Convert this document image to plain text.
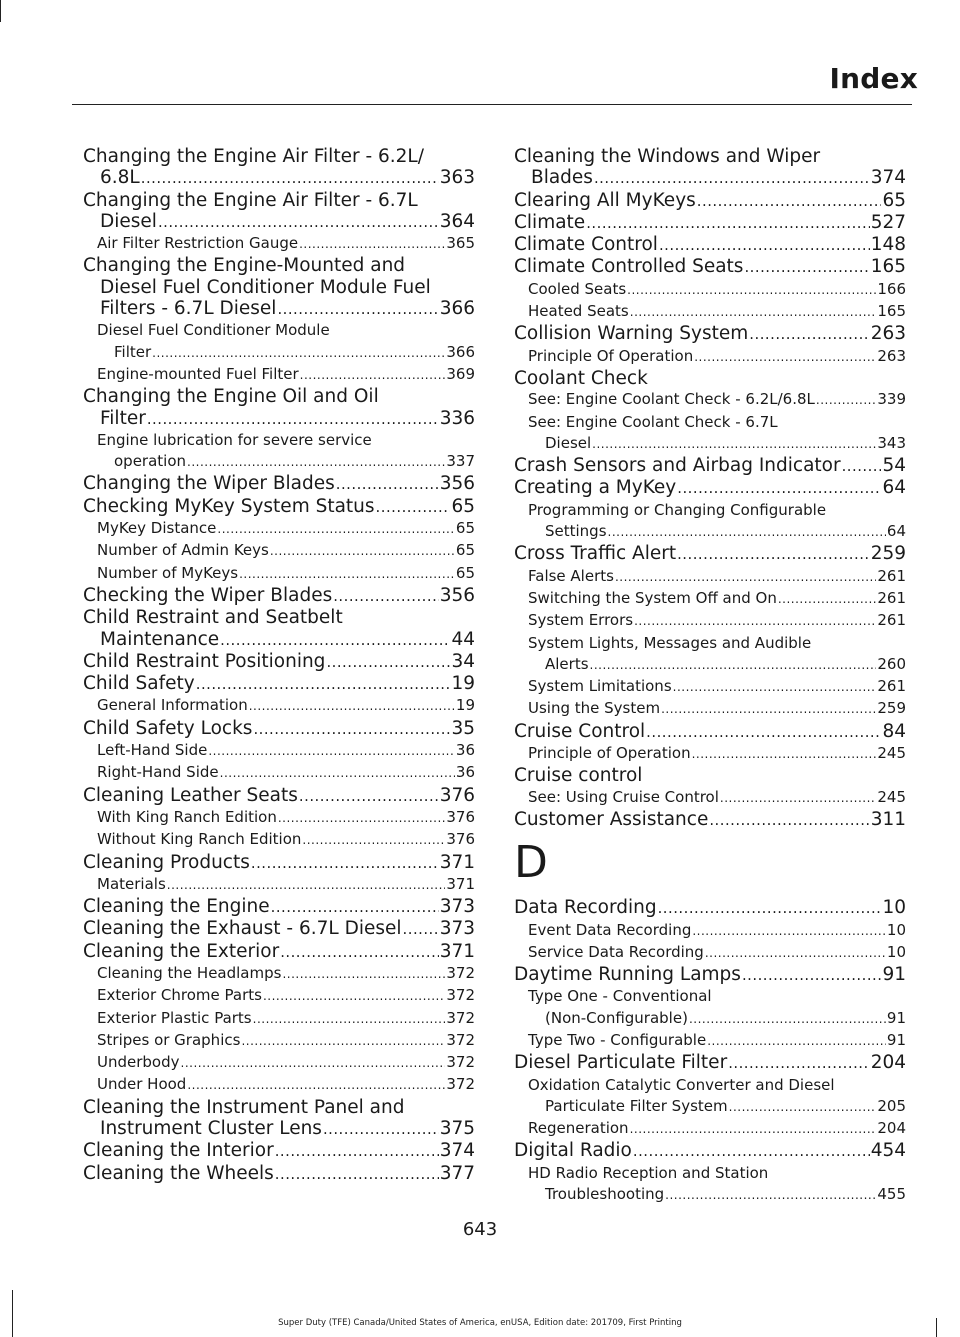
Index
Changing the Engine Air Filter - 6.2L/
6.8L .....	363
Changing the Engine Air Filter - 6.7L
Diesel .....	364
Air Filter Restriction Gauge .....	365
Changing the Engine-Mounted and
Diesel Fuel Conditioner Module Fuel
Filters - 6.7L Diesel .....	366
Diesel Fuel Conditioner Module
Filter .....	366
Engine-mounted Fuel Filter .....	369
Changing the Engine Oil and Oil
Filter .....	336
Engine lubrication for severe service
operation .....	337
Changing the Wiper Blades .....	356
Checking MyKey System Status .....	65
MyKey Distance .....	65
Number of Admin Keys .....	65
Number of MyKeys .....	65
Checking the Wiper Blades .....	356
Child Restraint and Seatbelt
Maintenance .....	44
Child Restraint Positioning .....	34
Child Safety .....	19
General Information .....	19
Child Safety Locks .....	35
Left-Hand Side .....	36
Right-Hand Side .....	36
Cleaning Leather Seats .....	376
With King Ranch Edition .....	376
Without King Ranch Edition .....	376
Cleaning Products .....	371
Materials .....	371
Cleaning the Engine .....	373
Cleaning the Exhaust - 6.7L Diesel ..... 373
Cleaning the Exterior .....	371
Cleaning the Headlamps .....	372
Exterior Chrome Parts .....	372
Exterior Plastic Parts .....	372
Stripes or Graphics .....	372
Underbody .....	372
Under Hood .....	372
Cleaning the Instrument Panel and
Instrument Cluster Lens .....	375
Cleaning the Interior .....	374
Cleaning the Wheels .....	377
Cleaning the Windows and Wiper
Blades .....	374
Clearing All MyKeys .....	65
Climate .....	527
Climate Control .....	148
Climate Controlled Seats .....	165
Cooled Seats .....	166
Heated Seats .....	165
Collision Warning System .....	263
Principle Of Operation .....	263
Coolant Check
See: Engine Coolant Check - 6.2L/6.8L .....	339
See: Engine Coolant Check - 6.7L
Diesel .....	343
Crash Sensors and Airbag Indicator ..... 54
Creating a MyKey .....	64
Programming or Changing Configurable
Settings .....	64
Cross Traffic Alert .....	259
False Alerts .....	261
Switching the System Off and On .....	261
System Errors .....	261
System Lights, Messages and Audible
Alerts .....	260
System Limitations .....	261
Using the System .....	259
Cruise Control .....	84
Principle of Operation .....	245
Cruise control
See: Using Cruise Control .....	245
Customer Assistance .....	311
D
Data Recording .....	10
Event Data Recording .....	10
Service Data Recording .....	10
Daytime Running Lamps .....	91
Type One - Conventional
(Non-Configurable) .....	91
Type Two - Configurable .....	91
Diesel Particulate Filter .....	204
Oxidation Catalytic Converter and Diesel
Particulate Filter System .....	205
Regeneration .....	204
Digital Radio .....	454
HD Radio Reception and Station
Troubleshooting .....	455
643
Super Duty (TFE) Canada/United States of America, enUSA, Edition date: 201709, First Printing
